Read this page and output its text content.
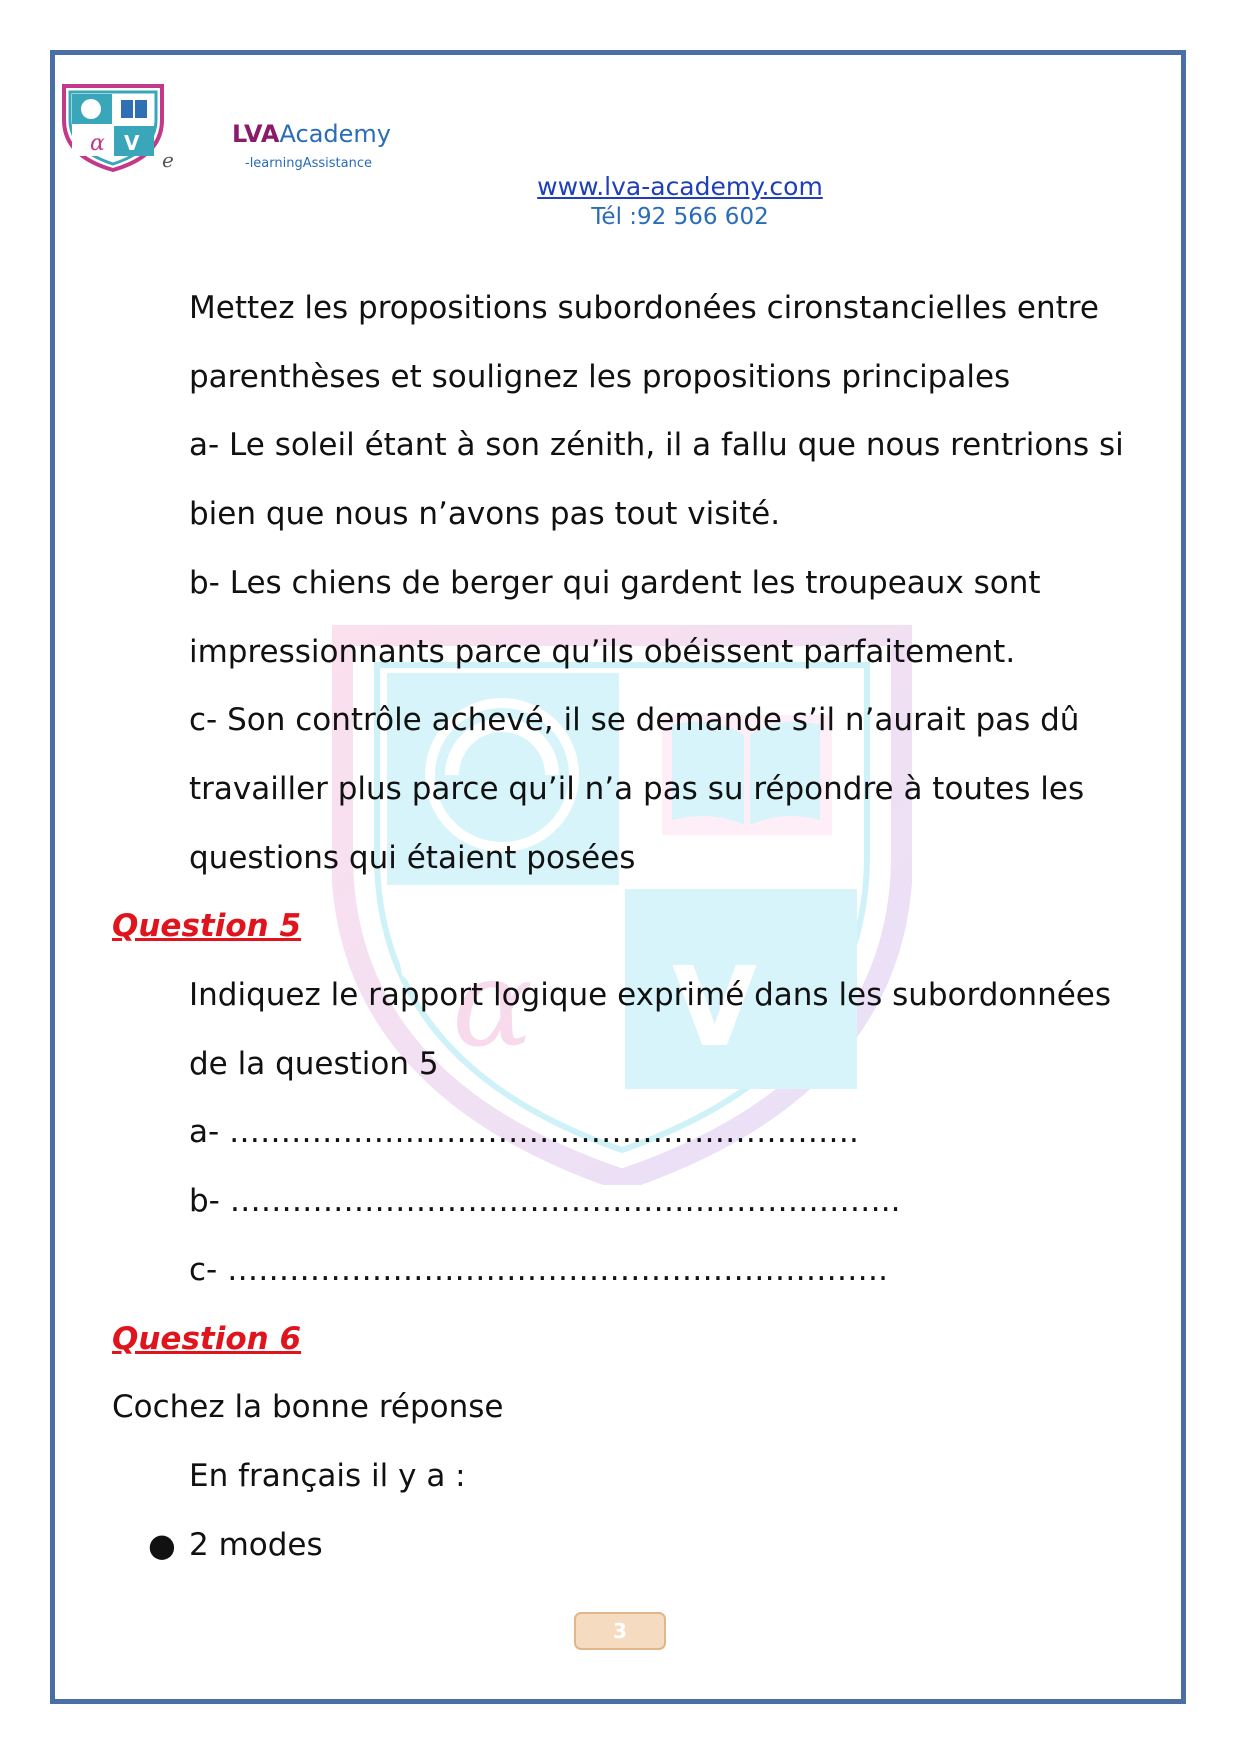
α V
e
LVAAcademy
-learningAssistance
www.lva-academy.com
Tél :92 566 602
α V
Mettez les propositions subordonées cironstancielles entre
parenthèses et soulignez les propositions principales
a- Le soleil étant à son zénith, il a fallu que nous rentrions si
bien que nous n’avons pas tout visité.
b- Les chiens de berger qui gardent les troupeaux sont
impressionnants parce qu’ils obéissent parfaitement.
c- Son contrôle achevé, il se demande s’il n’aurait pas dû
travailler plus parce qu’il n’a pas su répondre à toutes les
questions qui étaient posées
Question 5
Indiquez le rapport logique exprimé dans les subordonnées
de la question 5
a- …………………………………………………….
b- ………………………………………………………..
c- ……………………………………………………….
Question 6
Cochez la bonne réponse
En français il y a :
● 2 modes
3
